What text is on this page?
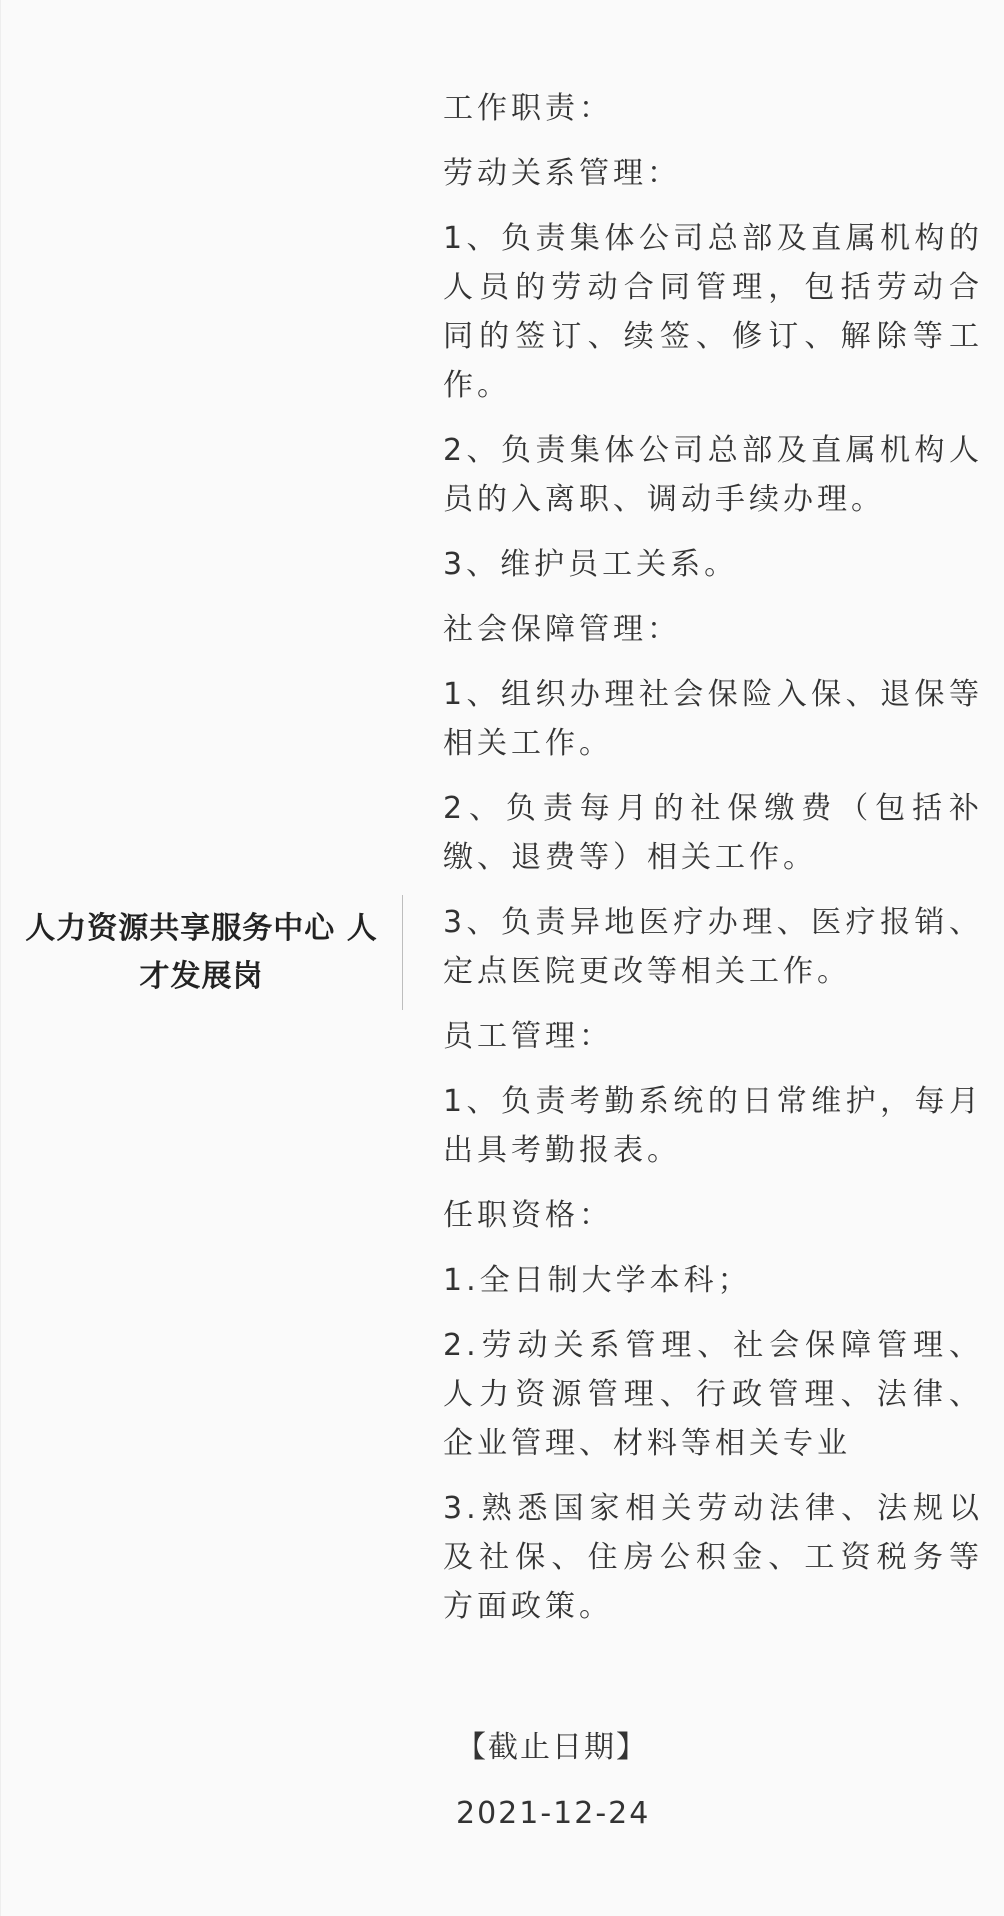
人力资源共享服务中心 人才发展岗

工作职责：

劳动关系管理：

1、负责集体公司总部及直属机构的人员的劳动合同管理，包括劳动合同的签订、续签、修订、解除等工作。

2、负责集体公司总部及直属机构人员的入离职、调动手续办理。

3、维护员工关系。

社会保障管理：

1、组织办理社会保险入保、退保等相关工作。

2、负责每月的社保缴费（包括补缴、退费等）相关工作。

3、负责异地医疗办理、医疗报销、定点医院更改等相关工作。

员工管理：

1、负责考勤系统的日常维护，每月出具考勤报表。

任职资格：

1.全日制大学本科；

2.劳动关系管理、社会保障管理、人力资源管理、行政管理、法律、企业管理、材料等相关专业

3.熟悉国家相关劳动法律、法规以及社保、住房公积金、工资税务等方面政策。

【截止日期】

2021-12-24
